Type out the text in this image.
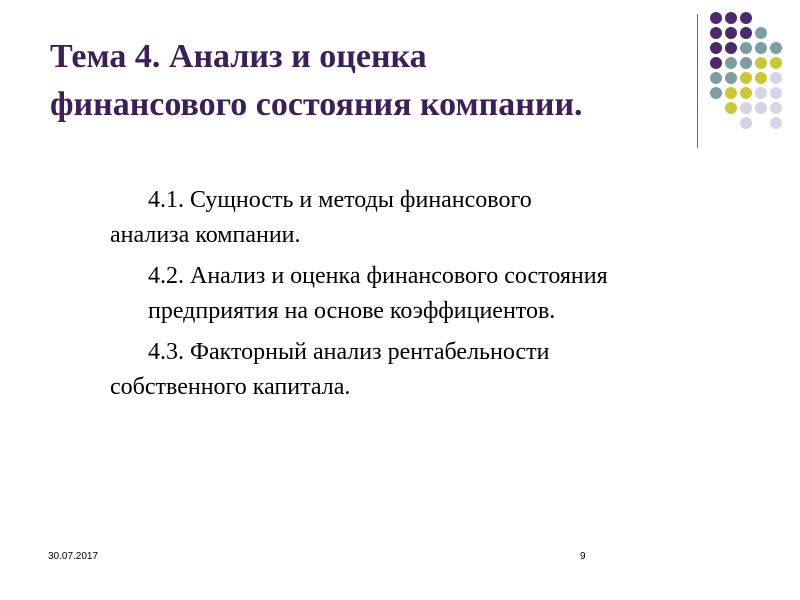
Тема 4. Анализ и оценка
финансового состояния компании.

4.1. Сущность и методы финансового
анализа компании.

4.2. Анализ и оценка финансового состояния
предприятия на основе коэффициентов.

4.3. Факторный анализ рентабельности
собственного капитала.

30.07.2017	9
